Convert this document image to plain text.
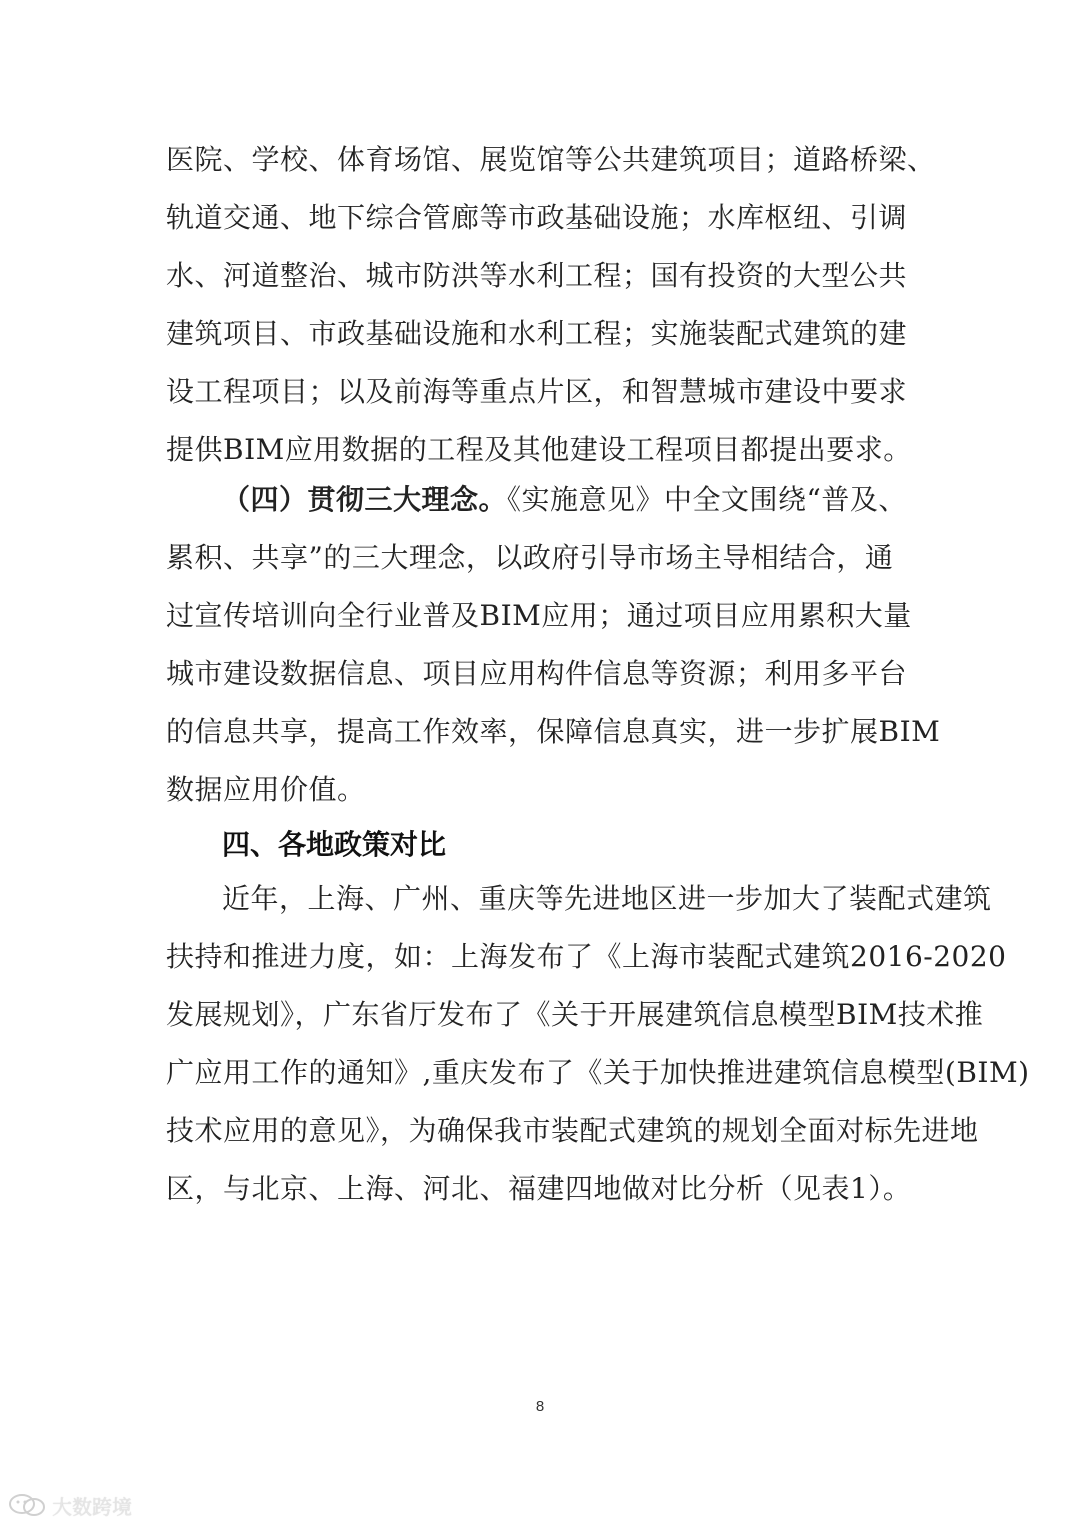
医院、学校、体育场馆、展览馆等公共建筑项目；道路桥梁、
轨道交通、地下综合管廊等市政基础设施；水库枢纽、引调
水、河道整治、城市防洪等水利工程；国有投资的大型公共
建筑项目、市政基础设施和水利工程；实施装配式建筑的建
设工程项目；以及前海等重点片区，和智慧城市建设中要求
提供BIM应用数据的工程及其他建设工程项目都提出要求。
（四）贯彻三大理念。《实施意见》中全文围绕“普及、
累积、共享”的三大理念，以政府引导市场主导相结合，通
过宣传培训向全行业普及BIM应用；通过项目应用累积大量
城市建设数据信息、项目应用构件信息等资源；利用多平台
的信息共享，提高工作效率，保障信息真实，进一步扩展BIM
数据应用价值。
四、各地政策对比
近年，上海、广州、重庆等先进地区进一步加大了装配式建筑
扶持和推进力度，如：上海发布了《上海市装配式建筑2016-2020
发展规划》，广东省厅发布了《关于开展建筑信息模型BIM技术推
广应用工作的通知》,重庆发布了《关于加快推进建筑信息模型(BIM)
技术应用的意见》，为确保我市装配式建筑的规划全面对标先进地
区，与北京、上海、河北、福建四地做对比分析（见表1）。
8
大数跨境
